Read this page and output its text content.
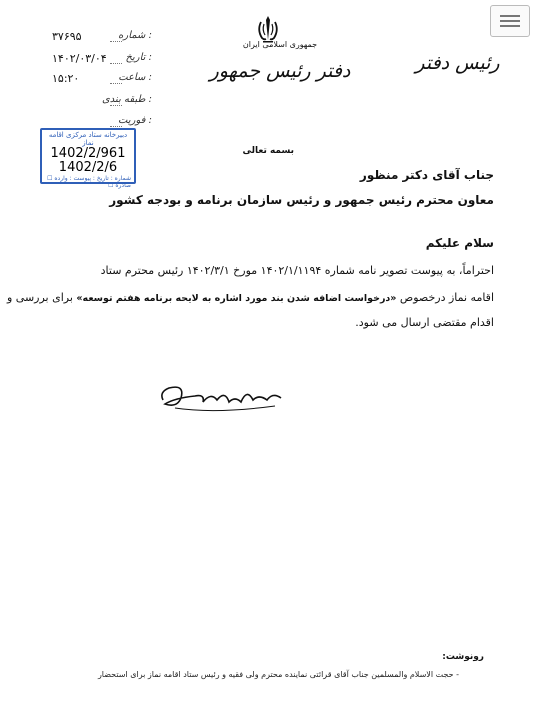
۳۷۶۹۵	شماره :
۱۴۰۲/۰۳/۰۴	تاریخ :
۱۵:۲۰	ساعت :
طبقه بندی :
فوریت :
جمهوری اسلامی ایران
دفتر رئیس جمهور	رئیس دفتر
دبیرخانه ستاد مرکزی اقامه نماز
1402/2/961
1402/2/6
شماره : تاریخ : پیوست : وارده ☐ صادره ☐
بسمه تعالی
جناب آقای دکتر منظور
معاون محترم رئیس جمهور و رئیس سازمان برنامه و بودجه کشور
سلام علیکم
احتراماً، به پیوست تصویر نامه شماره ۱۴۰۲/۱/۱۱۹۴ مورخ ۱۴۰۲/۳/۱ رئیس محترم ستاد
اقامه نماز درخصوص «درخواست اضافه شدن بند مورد اشاره به لایحه برنامه هفتم توسعه» برای بررسی و
اقدام مقتضی ارسال می شود.
رونوشت:
- حجت الاسلام والمسلمین جناب آقای قرائتی نماینده محترم ولی فقیه و رئیس ستاد اقامه نماز برای استحضار
